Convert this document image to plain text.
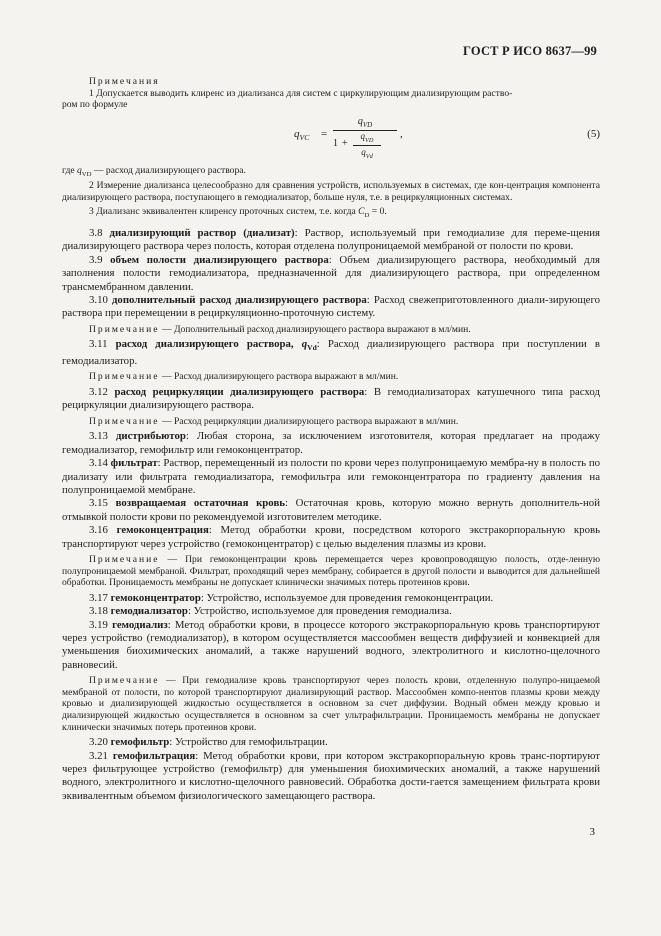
ГОСТ Р ИСО 8637—99

Примечания

1 Допускается выводить клиренс из диализанса для систем с циркулирующим диализирующим раство-

ром по формуле

$q_{VC}$ =
$q_{VD}$
1 +
$q_{VD}$
$q_{Vd}$
,	(5)

где $q_{VD}$ — расход диализирующего раствора.

2 Измерение диализанса целесообразно для сравнения устройств, используемых в системах, где кон-центрация компонента диализирующего раствора, поступающего в гемодиализатор, больше нуля, т.е. в рециркуляционных системах.

3 Диализанс эквивалентен клиренсу проточных систем, т.е. когда $C_D = 0$.

3.8 диализирующий раствор (диализат): Раствор, используемый при гемодиализе для переме-щения диализирующего раствора через полость, которая отделена полупроницаемой мембраной от полости по крови.

3.9 объем полости диализирующего раствора: Объем диализирующего раствора, необходимый для заполнения полости гемодиализатора, предназначенной для диализирующего раствора, при определенном трансмембранном давлении.

3.10 дополнительный расход диализирующего раствора: Расход свежеприготовленного диали-зирующего раствора при перемещении в рециркуляционно-проточную систему.

Примечание — Дополнительный расход диализирующего раствора выражают в мл/мин.

3.11 расход диализирующего раствора, $q_{Vd}$: Расход диализирующего раствора при поступлении в гемодиализатор.

Примечание — Расход диализирующего раствора выражают в мл/мин.

3.12 расход рециркуляции диализирующего раствора: В гемодиализаторах катушечного типа расход рециркуляции диализирующего раствора.

Примечание — Расход рециркуляции диализирующего раствора выражают в мл/мин.

3.13 дистрибьютор: Любая сторона, за исключением изготовителя, которая предлагает на продажу гемодиализатор, гемофильтр или гемоконцентратор.

3.14 фильтрат: Раствор, перемещенный из полости по крови через полупроницаемую мембра-ну в полость по диализату или фильтрата гемодиализатора, гемофильтра или гемоконцентратора по градиенту давления на полупроницаемой мембране.

3.15 возвращаемая остаточная кровь: Остаточная кровь, которую можно вернуть дополнитель-ной отмывкой полости крови по рекомендуемой изготовителем методике.

3.16 гемоконцентрация: Метод обработки крови, посредством которого экстракорпоральную кровь транспортируют через устройство (гемоконцентратор) с целью выделения плазмы из крови.

Примечание — При гемоконцентрации кровь перемещается через кровопроводящую полость, отде-ленную полупроницаемой мембраной. Фильтрат, проходящий через мембрану, собирается в другой полости и выводится для дальнейшей обработки. Проницаемость мембраны не допускает клинически значимых потерь протеинов крови.

3.17 гемоконцентратор: Устройство, используемое для проведения гемоконцентрации.

3.18 гемодиализатор: Устройство, используемое для проведения гемодиализа.

3.19 гемодиализ: Метод обработки крови, в процессе которого экстракорпоральную кровь транспортируют через устройство (гемодиализатор), в котором осуществляется массообмен веществ диффузией и конвекцией для уменьшения биохимических аномалий, а также нарушений водного, электролитного и кислотно-щелочного равновесий.

Примечание — При гемодиализе кровь транспортируют через полость крови, отделенную полупро-ницаемой мембраной от полости, по которой транспортируют диализирующий раствор. Массообмен компо-нентов плазмы крови между кровью и диализирующей жидкостью осуществляется в основном за счет диффузии. Водный обмен между кровью и диализирующей жидкостью осуществляется в основном за счет ультрафильтрации. Проницаемость мембраны не допускает клинически значимых потерь протеинов крови.

3.20 гемофильтр: Устройство для гемофильтрации.

3.21 гемофильтрация: Метод обработки крови, при котором экстракорпоральную кровь транс-портируют через фильтрующее устройство (гемофильтр) для уменьшения биохимических аномалий, а также нарушений водного, электролитного и кислотно-щелочного равновесий. Обработка дости-гается замещением фильтрата крови эквивалентным объемом физиологического замещающего раствора.

3
